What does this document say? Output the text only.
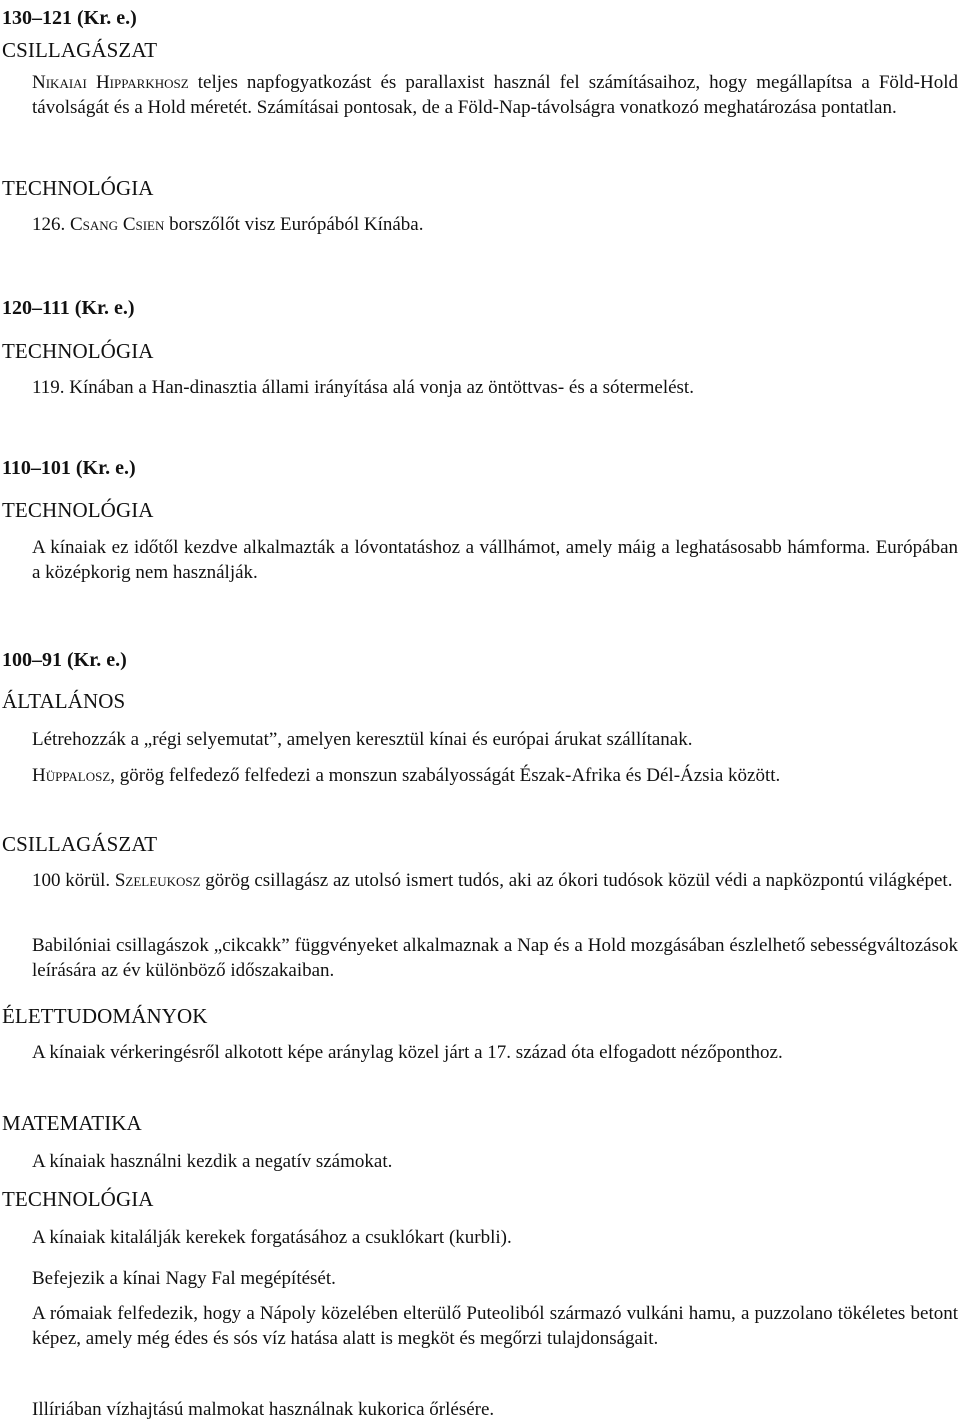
130–121 (Kr. e.)
CSILLAGÁSZAT

Nikaiai Hipparkhosz teljes napfogyatkozást és parallaxist használ fel számításaihoz, hogy megállapítsa a Föld-Hold távolságát és a Hold méretét. Számításai pontosak, de a Föld-Nap-távolságra vonatkozó meghatározása pontatlan.

TECHNOLÓGIA

126. Csang Csien borszőlőt visz Európából Kínába.

120–111 (Kr. e.)
TECHNOLÓGIA

119. Kínában a Han-dinasztia állami irányítása alá vonja az öntöttvas- és a sótermelést.

110–101 (Kr. e.)
TECHNOLÓGIA

A kínaiak ez időtől kezdve alkalmazták a lóvontatáshoz a vállhámot, amely máig a leghatásosabb hámforma. Európában a középkorig nem használják.

100–91 (Kr. e.)
ÁLTALÁNOS

Létrehozzák a „régi selyemutat”, amelyen keresztül kínai és európai árukat szállítanak.

Hüppalosz, görög felfedező felfedezi a monszun szabályosságát Észak-Afrika és Dél-Ázsia között.

CSILLAGÁSZAT

100 körül. Szeleukosz görög csillagász az utolsó ismert tudós, aki az ókori tudósok közül védi a napközpontú világképet.

Babilóniai csillagászok „cikcakk” függvényeket alkalmaznak a Nap és a Hold mozgásában észlelhető sebességváltozások leírására az év különböző időszakaiban.

ÉLETTUDOMÁNYOK

A kínaiak vérkeringésről alkotott képe aránylag közel járt a 17. század óta elfogadott nézőponthoz.

MATEMATIKA

A kínaiak használni kezdik a negatív számokat.

TECHNOLÓGIA

A kínaiak kitalálják kerekek forgatásához a csuklókart (kurbli).

Befejezik a kínai Nagy Fal megépítését.

A rómaiak felfedezik, hogy a Nápoly közelében elterülő Puteoliból származó vulkáni hamu, a puzzolano tökéletes betont képez, amely még édes és sós víz hatása alatt is megköt és megőrzi tulajdonságait.

Illíriában vízhajtású malmokat használnak kukorica őrlésére.
